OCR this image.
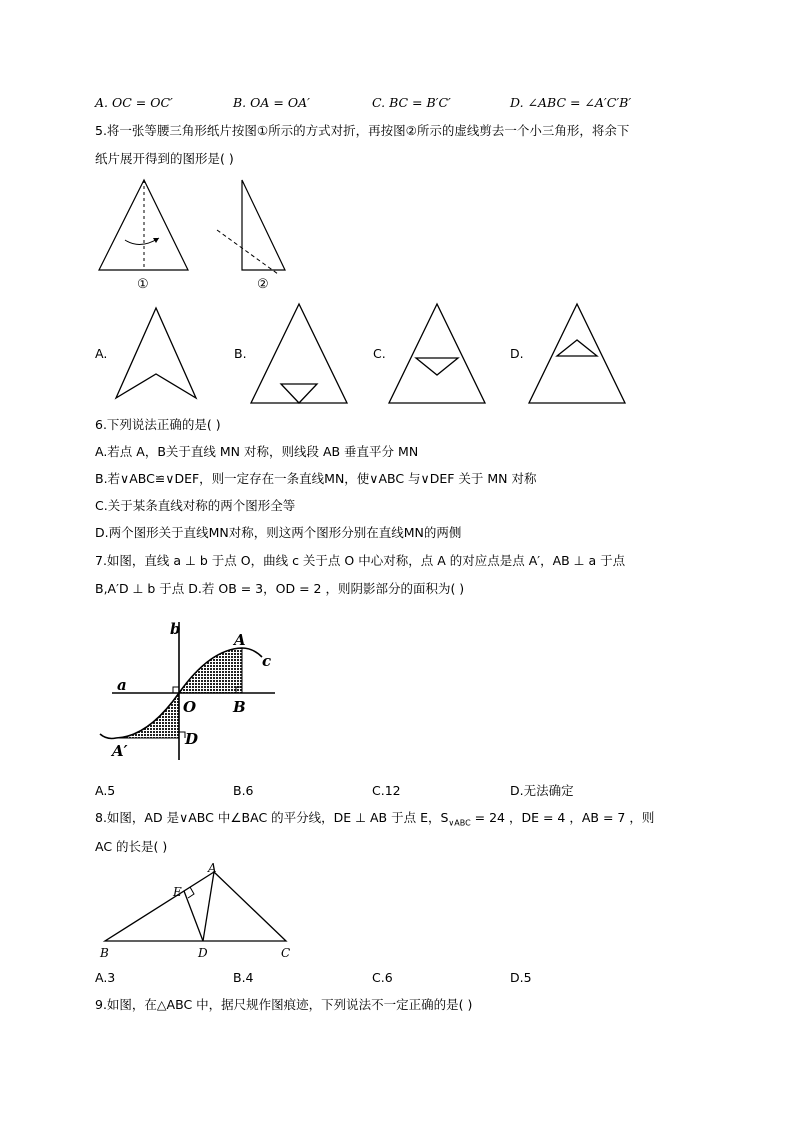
A. OC = OC′	B. OA = OA′	C. BC = B′C′	D. ∠ABC = ∠A′C′B′
5.将一张等腰三角形纸片按图①所示的方式对折，再按图②所示的虚线剪去一个小三角形，将余下
纸片展开得到的图形是( )
①	②
A.	B.	C.	D.
6.下列说法正确的是( )
A.若点 A，B关于直线 MN 对称，则线段 AB 垂直平分 MN
B.若∨ABC≌∨DEF，则一定存在一条直线MN，使∨ABC 与∨DEF 关于 MN 对称
C.关于某条直线对称的两个图形全等
D.两个图形关于直线MN对称，则这两个图形分别在直线MN的两侧
7.如图，直线 a ⊥ b 于点 O，曲线 c 关于点 O 中心对称，点 A 的对应点是点 A′，AB ⊥ a 于点
B,A′D ⊥ b 于点 D.若 OB = 3，OD = 2 ，则阴影部分的面积为( )
b
a
A
c
O B
A′
D
A.5	B.6	C.12	D.无法确定
8.如图，AD 是∨ABC 中∠BAC 的平分线，DE ⊥ AB 于点 E，$S_{\vee ABC} = 24$ ，DE = 4 ，AB = 7 ，则
AC 的长是( )
A
E
B	D	C
A.3	B.4	C.6	D.5
9.如图，在△ABC 中，据尺规作图痕迹，下列说法不一定正确的是( )
